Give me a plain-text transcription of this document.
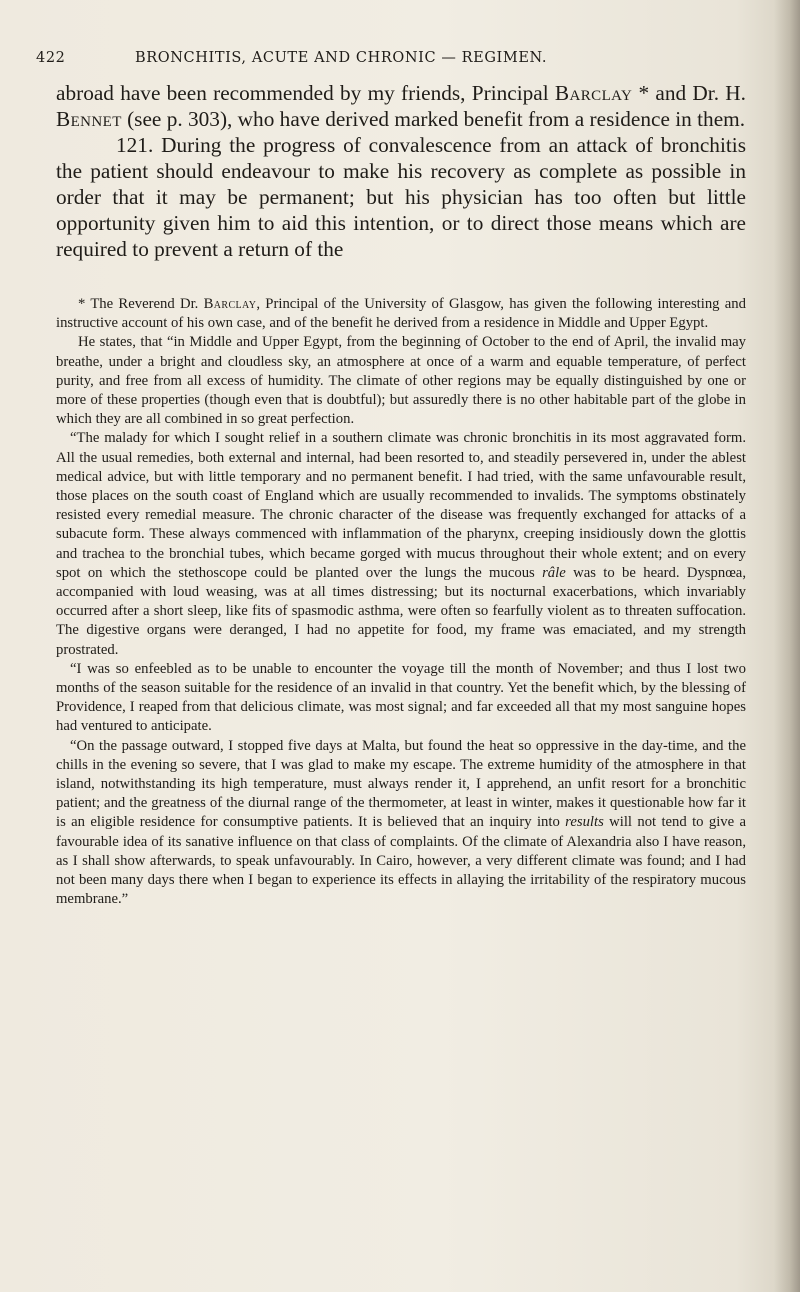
422	BRONCHITIS, ACUTE AND CHRONIC — REGIMEN.

abroad have been recommended by my friends, Principal Barclay * and Dr. H. Bennet (see p. 303), who have derived marked benefit from a residence in them.

121. During the progress of convalescence from an attack of bronchitis the patient should endeavour to make his recovery as complete as possible in order that it may be permanent; but his physician has too often but little opportunity given him to aid this intention, or to direct those means which are required to prevent a return of the

* The Reverend Dr. Barclay, Principal of the University of Glasgow, has given the following interesting and instructive account of his own case, and of the benefit he derived from a residence in Middle and Upper Egypt.

He states, that “in Middle and Upper Egypt, from the beginning of October to the end of April, the invalid may breathe, under a bright and cloudless sky, an atmosphere at once of a warm and equable temperature, of perfect purity, and free from all excess of humidity. The climate of other regions may be equally distinguished by one or more of these properties (though even that is doubtful); but assuredly there is no other habitable part of the globe in which they are all combined in so great perfection.

“The malady for which I sought relief in a southern climate was chronic bronchitis in its most aggravated form. All the usual remedies, both external and internal, had been resorted to, and steadily persevered in, under the ablest medical advice, but with little temporary and no permanent benefit. I had tried, with the same unfavourable result, those places on the south coast of England which are usually recommended to invalids. The symptoms obstinately resisted every remedial measure. The chronic character of the disease was frequently exchanged for attacks of a subacute form. These always commenced with inflammation of the pharynx, creeping insidiously down the glottis and trachea to the bronchial tubes, which became gorged with mucus throughout their whole extent; and on every spot on which the stethoscope could be planted over the lungs the mucous râle was to be heard. Dyspnœa, accompanied with loud weasing, was at all times distressing; but its nocturnal exacerbations, which invariably occurred after a short sleep, like fits of spasmodic asthma, were often so fearfully violent as to threaten suffocation. The digestive organs were deranged, I had no appetite for food, my frame was emaciated, and my strength prostrated.

“I was so enfeebled as to be unable to encounter the voyage till the month of November; and thus I lost two months of the season suitable for the residence of an invalid in that country. Yet the benefit which, by the blessing of Providence, I reaped from that delicious climate, was most signal; and far exceeded all that my most sanguine hopes had ventured to anticipate.

“On the passage outward, I stopped five days at Malta, but found the heat so oppressive in the day-time, and the chills in the evening so severe, that I was glad to make my escape. The extreme humidity of the atmosphere in that island, notwithstanding its high temperature, must always render it, I apprehend, an unfit resort for a bronchitic patient; and the greatness of the diurnal range of the thermometer, at least in winter, makes it questionable how far it is an eligible residence for consumptive patients. It is believed that an inquiry into results will not tend to give a favourable idea of its sanative influence on that class of complaints. Of the climate of Alexandria also I have reason, as I shall show afterwards, to speak unfavourably. In Cairo, however, a very different climate was found; and I had not been many days there when I began to experience its effects in allaying the irritability of the respiratory mucous membrane.”
